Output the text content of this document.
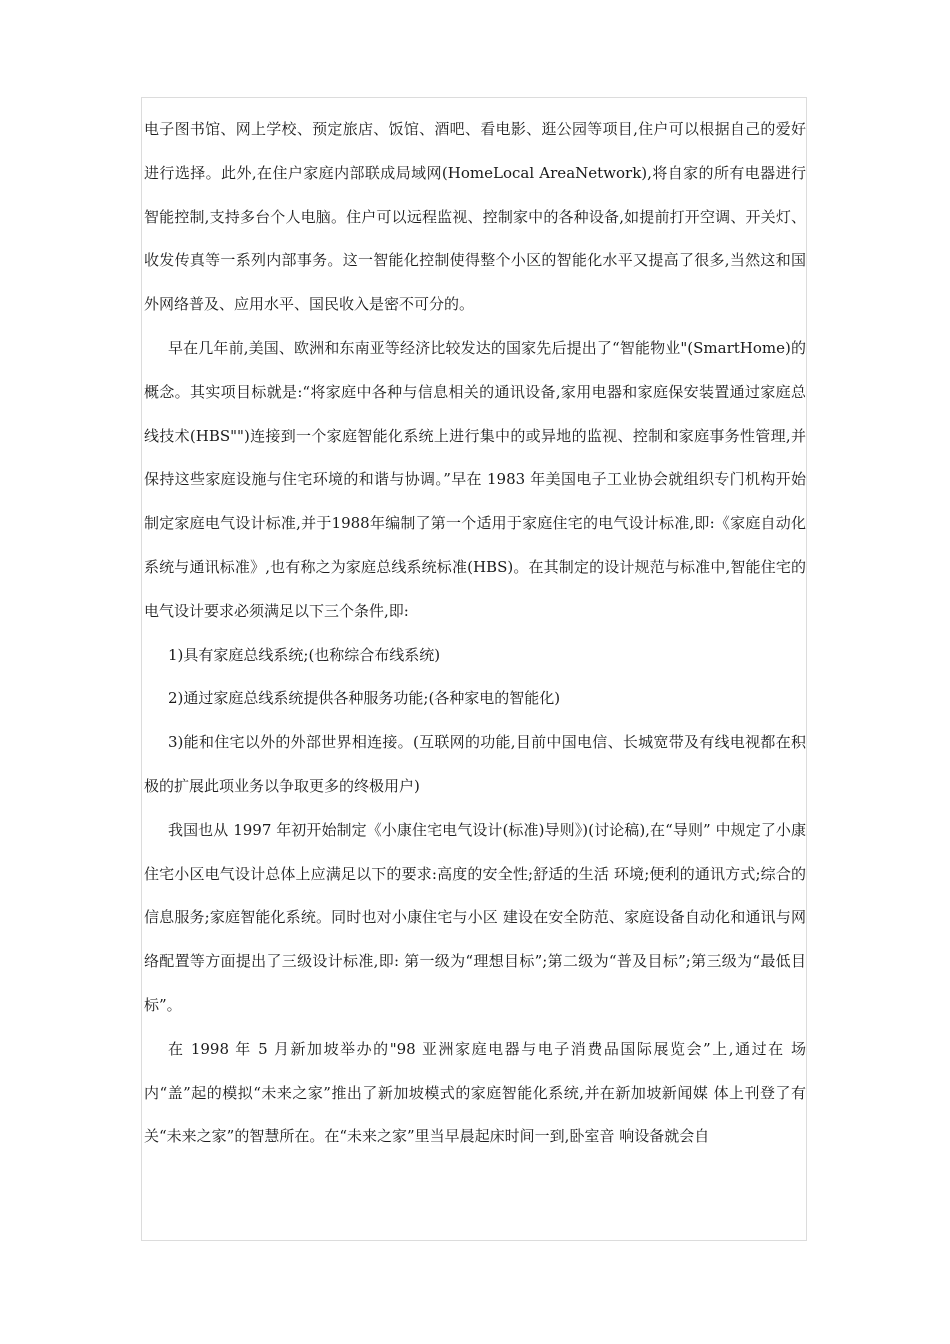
电子图书馆、网上学校、预定旅店、饭馆、酒吧、看电影、逛公园等项目,住户可以根据自己的爱好进行选择。此外,在住户家庭内部联成局域网(HomeLocal AreaNetwork),将自家的所有电器进行智能控制,支持多台个人电脑。住户可以远程监视、控制家中的各种设备,如提前打开空调、开关灯、收发传真等一系列内部事务。这一智能化控制使得整个小区的智能化水平又提高了很多,当然这和国外网络普及、应用水平、国民收入是密不可分的。

早在几年前,美国、欧洲和东南亚等经济比较发达的国家先后提出了“智能物业"(SmartHome)的概念。其实项目标就是:“将家庭中各种与信息相关的通讯设备,家用电器和家庭保安装置通过家庭总线技术(HBS"")连接到一个家庭智能化系统上进行集中的或异地的监视、控制和家庭事务性管理,并保持这些家庭设施与住宅环境的和谐与协调。”早在 1983 年美国电子工业协会就组织专门机构开始制定家庭电气设计标准,并于1988年编制了第一个适用于家庭住宅的电气设计标准,即:《家庭自动化系统与通讯标准》,也有称之为家庭总线系统标准(HBS)。在其制定的设计规范与标准中,智能住宅的电气设计要求必须满足以下三个条件,即:

1)具有家庭总线系统;(也称综合布线系统)

2)通过家庭总线系统提供各种服务功能;(各种家电的智能化)

3)能和住宅以外的外部世界相连接。(互联网的功能,目前中国电信、长城宽带及有线电视都在积极的扩展此项业务以争取更多的终极用户)

我国也从 1997 年初开始制定《小康住宅电气设计(标准)导则》)(讨论稿),在“导则” 中规定了小康住宅小区电气设计总体上应满足以下的要求:高度的安全性;舒适的生活 环境;便利的通讯方式;综合的信息服务;家庭智能化系统。同时也对小康住宅与小区 建设在安全防范、家庭设备自动化和通讯与网络配置等方面提出了三级设计标准,即: 第一级为“理想目标”;第二级为“普及目标”;第三级为“最低目标”。

在 1998 年 5 月新加坡举办的"98 亚洲家庭电器与电子消费品国际展览会”上,通过在 场内“盖”起的模拟“未来之家”推出了新加坡模式的家庭智能化系统,并在新加坡新闻媒 体上刊登了有关“未来之家”的智慧所在。在“未来之家”里当早晨起床时间一到,卧室音 响设备就会自
